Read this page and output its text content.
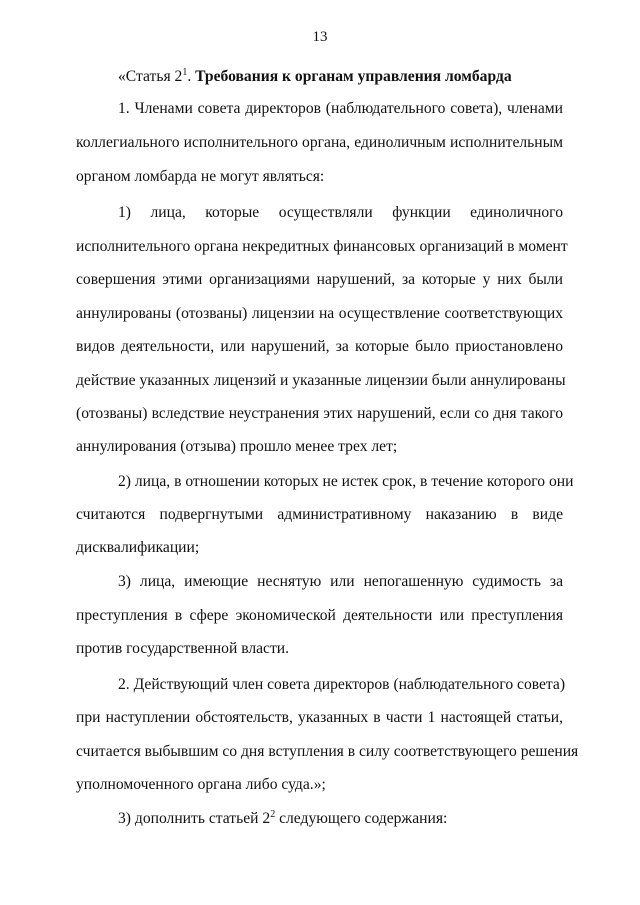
13
«Статья $2^1$. Требования к органам управления ломбарда
1. Членами совета директоров (наблюдательного совета), членами
коллегиального исполнительного органа, единоличным исполнительным
органом ломбарда не могут являться:
1) лица, которые осуществляли функции единоличного
исполнительного органа некредитных финансовых организаций в момент
совершения этими организациями нарушений, за которые у них были
аннулированы (отозваны) лицензии на осуществление соответствующих
видов деятельности, или нарушений, за которые было приостановлено
действие указанных лицензий и указанные лицензии были аннулированы
(отозваны) вследствие неустранения этих нарушений, если со дня такого
аннулирования (отзыва) прошло менее трех лет;
2) лица, в отношении которых не истек срок, в течение которого они
считаются подвергнутыми административному наказанию в виде
дисквалификации;
3) лица, имеющие неснятую или непогашенную судимость за
преступления в сфере экономической деятельности или преступления
против государственной власти.
2. Действующий член совета директоров (наблюдательного совета)
при наступлении обстоятельств, указанных в части 1 настоящей статьи,
считается выбывшим со дня вступления в силу соответствующего решения
уполномоченного органа либо суда.»;
3) дополнить статьей $2^2$ следующего содержания:
